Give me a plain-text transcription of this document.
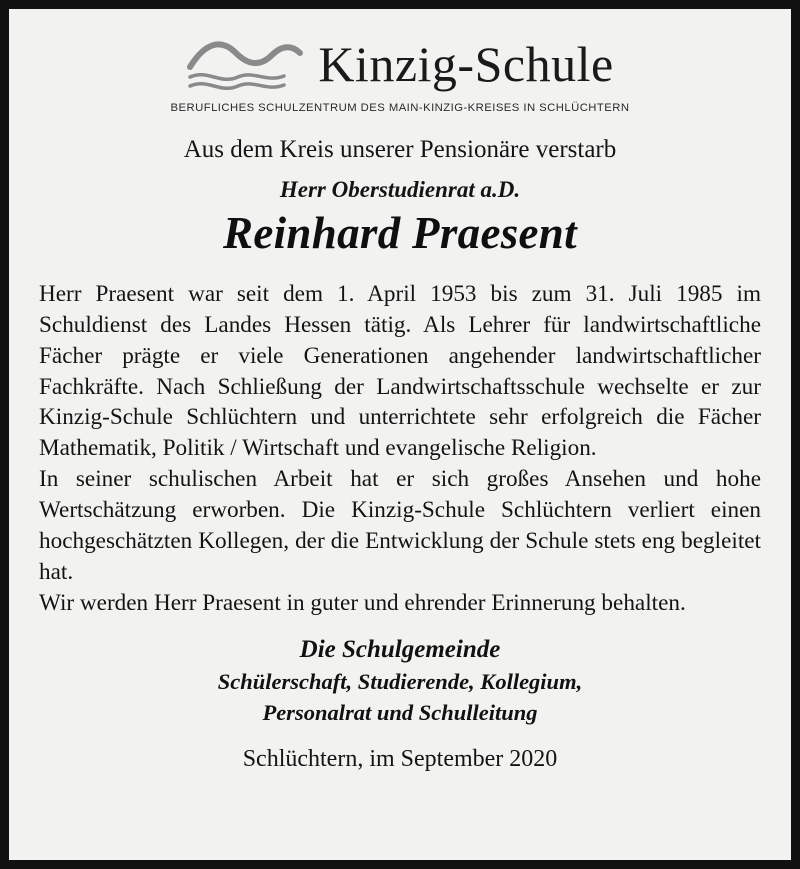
Kinzig-Schule
BERUFLICHES SCHULZENTRUM DES MAIN-KINZIG-KREISES IN SCHLÜCHTERN
Aus dem Kreis unserer Pensionäre verstarb
Herr Oberstudienrat a.D.
Reinhard Praesent

Herr Praesent war seit dem 1. April 1953 bis zum 31. Juli 1985 im Schuldienst des Landes Hessen tätig. Als Lehrer für landwirtschaftliche Fächer prägte er viele Generationen angehender landwirtschaftlicher Fachkräfte. Nach Schließung der Landwirtschaftsschule wechselte er zur Kinzig-Schule Schlüchtern und unterrichtete sehr erfolgreich die Fächer Mathematik, Politik / Wirtschaft und evangelische Religion.

In seiner schulischen Arbeit hat er sich großes Ansehen und hohe Wertschätzung erworben. Die Kinzig-Schule Schlüchtern verliert einen hochgeschätzten Kollegen, der die Entwicklung der Schule stets eng begleitet hat.

Wir werden Herr Praesent in guter und ehrender Erinnerung behalten.

Die Schulgemeinde
Schülerschaft, Studierende, Kollegium,
Personalrat und Schulleitung
Schlüchtern, im September 2020
